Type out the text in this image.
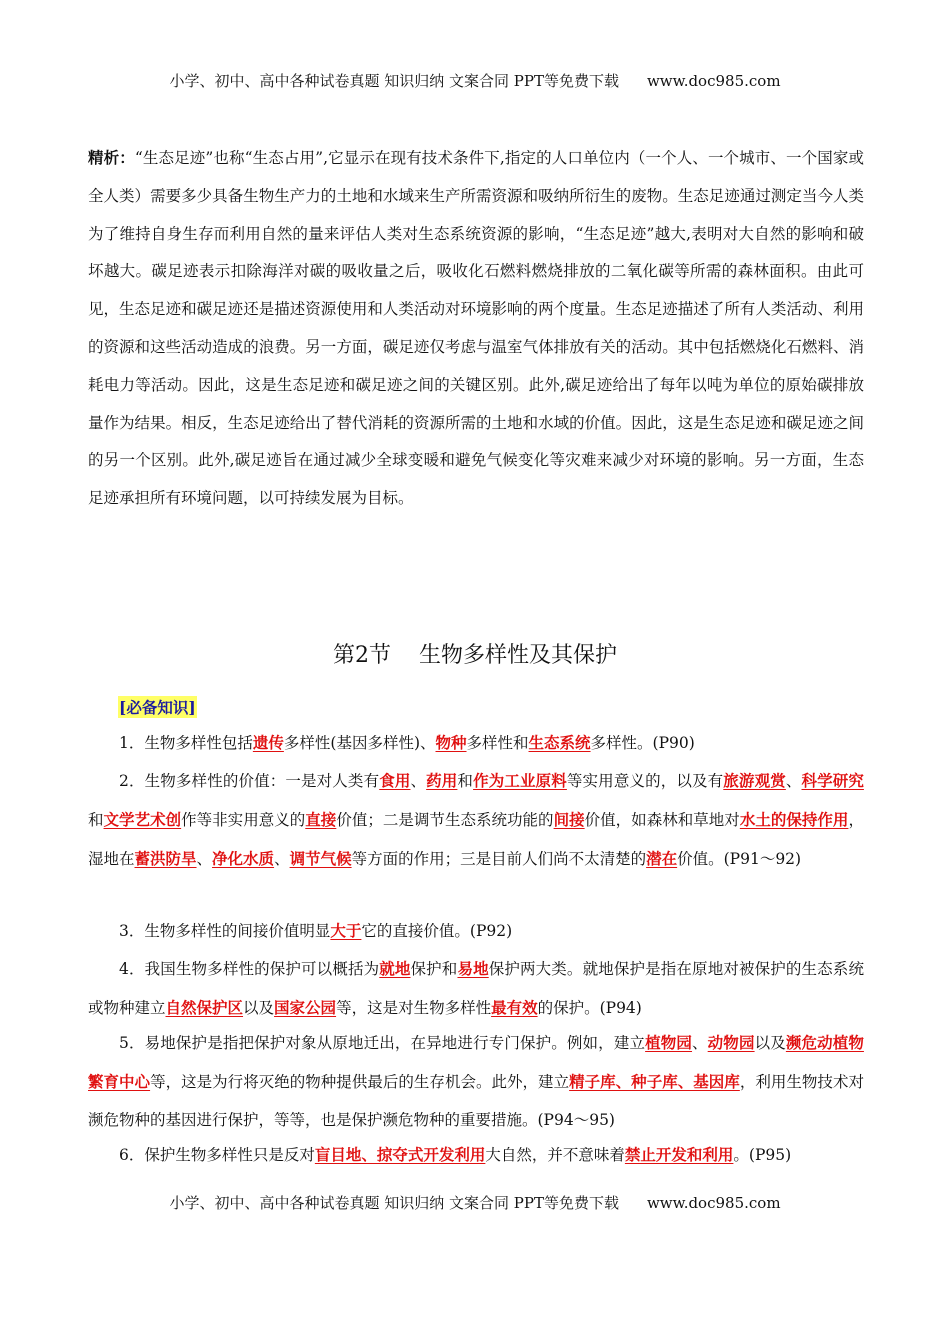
小学、初中、高中各种试卷真题 知识归纳 文案合同 PPT等免费下载 www.doc985.com
精析：“生态足迹”也称“生态占用”,它显示在现有技术条件下,指定的人口单位内（一个人、一个城市、一个国家或全人类）需要多少具备生物生产力的土地和水域来生产所需资源和吸纳所衍生的废物。生态足迹通过测定当今人类为了维持自身生存而利用自然的量来评估人类对生态系统资源的影响，“生态足迹”越大,表明对大自然的影响和破坏越大。碳足迹表示扣除海洋对碳的吸收量之后，吸收化石燃料燃烧排放的二氧化碳等所需的森林面积。由此可见，生态足迹和碳足迹还是描述资源使用和人类活动对环境影响的两个度量。生态足迹描述了所有人类活动、利用的资源和这些活动造成的浪费。另一方面，碳足迹仅考虑与温室气体排放有关的活动。其中包括燃烧化石燃料、消耗电力等活动。因此，这是生态足迹和碳足迹之间的关键区别。此外,碳足迹给出了每年以吨为单位的原始碳排放量作为结果。相反，生态足迹给出了替代消耗的资源所需的土地和水域的价值。因此，这是生态足迹和碳足迹之间的另一个区别。此外,碳足迹旨在通过减少全球变暖和避免气候变化等灾难来减少对环境的影响。另一方面，生态足迹承担所有环境问题，以可持续发展为目标。
第2节 生物多样性及其保护
[必备知识]
1．生物多样性包括遗传多样性(基因多样性)、物种多样性和生态系统多样性。(P90)
2．生物多样性的价值：一是对人类有食用、药用和作为工业原料等实用意义的，以及有旅游观赏、科学研究和文学艺术创作等非实用意义的直接价值；二是调节生态系统功能的间接价值，如森林和草地对水土的保持作用，湿地在蓄洪防旱、净化水质、调节气候等方面的作用；三是目前人们尚不太清楚的潜在价值。(P91～92)
3．生物多样性的间接价值明显大于它的直接价值。(P92)
4．我国生物多样性的保护可以概括为就地保护和易地保护两大类。就地保护是指在原地对被保护的生态系统或物种建立自然保护区以及国家公园等，这是对生物多样性最有效的保护。(P94)
5．易地保护是指把保护对象从原地迁出，在异地进行专门保护。例如，建立植物园、动物园以及濒危动植物繁育中心等，这是为行将灭绝的物种提供最后的生存机会。此外，建立精子库、种子库、基因库，利用生物技术对濒危物种的基因进行保护，等等，也是保护濒危物种的重要措施。(P94～95)
6．保护生物多样性只是反对盲目地、掠夺式开发利用大自然，并不意味着禁止开发和利用。(P95)
小学、初中、高中各种试卷真题 知识归纳 文案合同 PPT等免费下载 www.doc985.com
